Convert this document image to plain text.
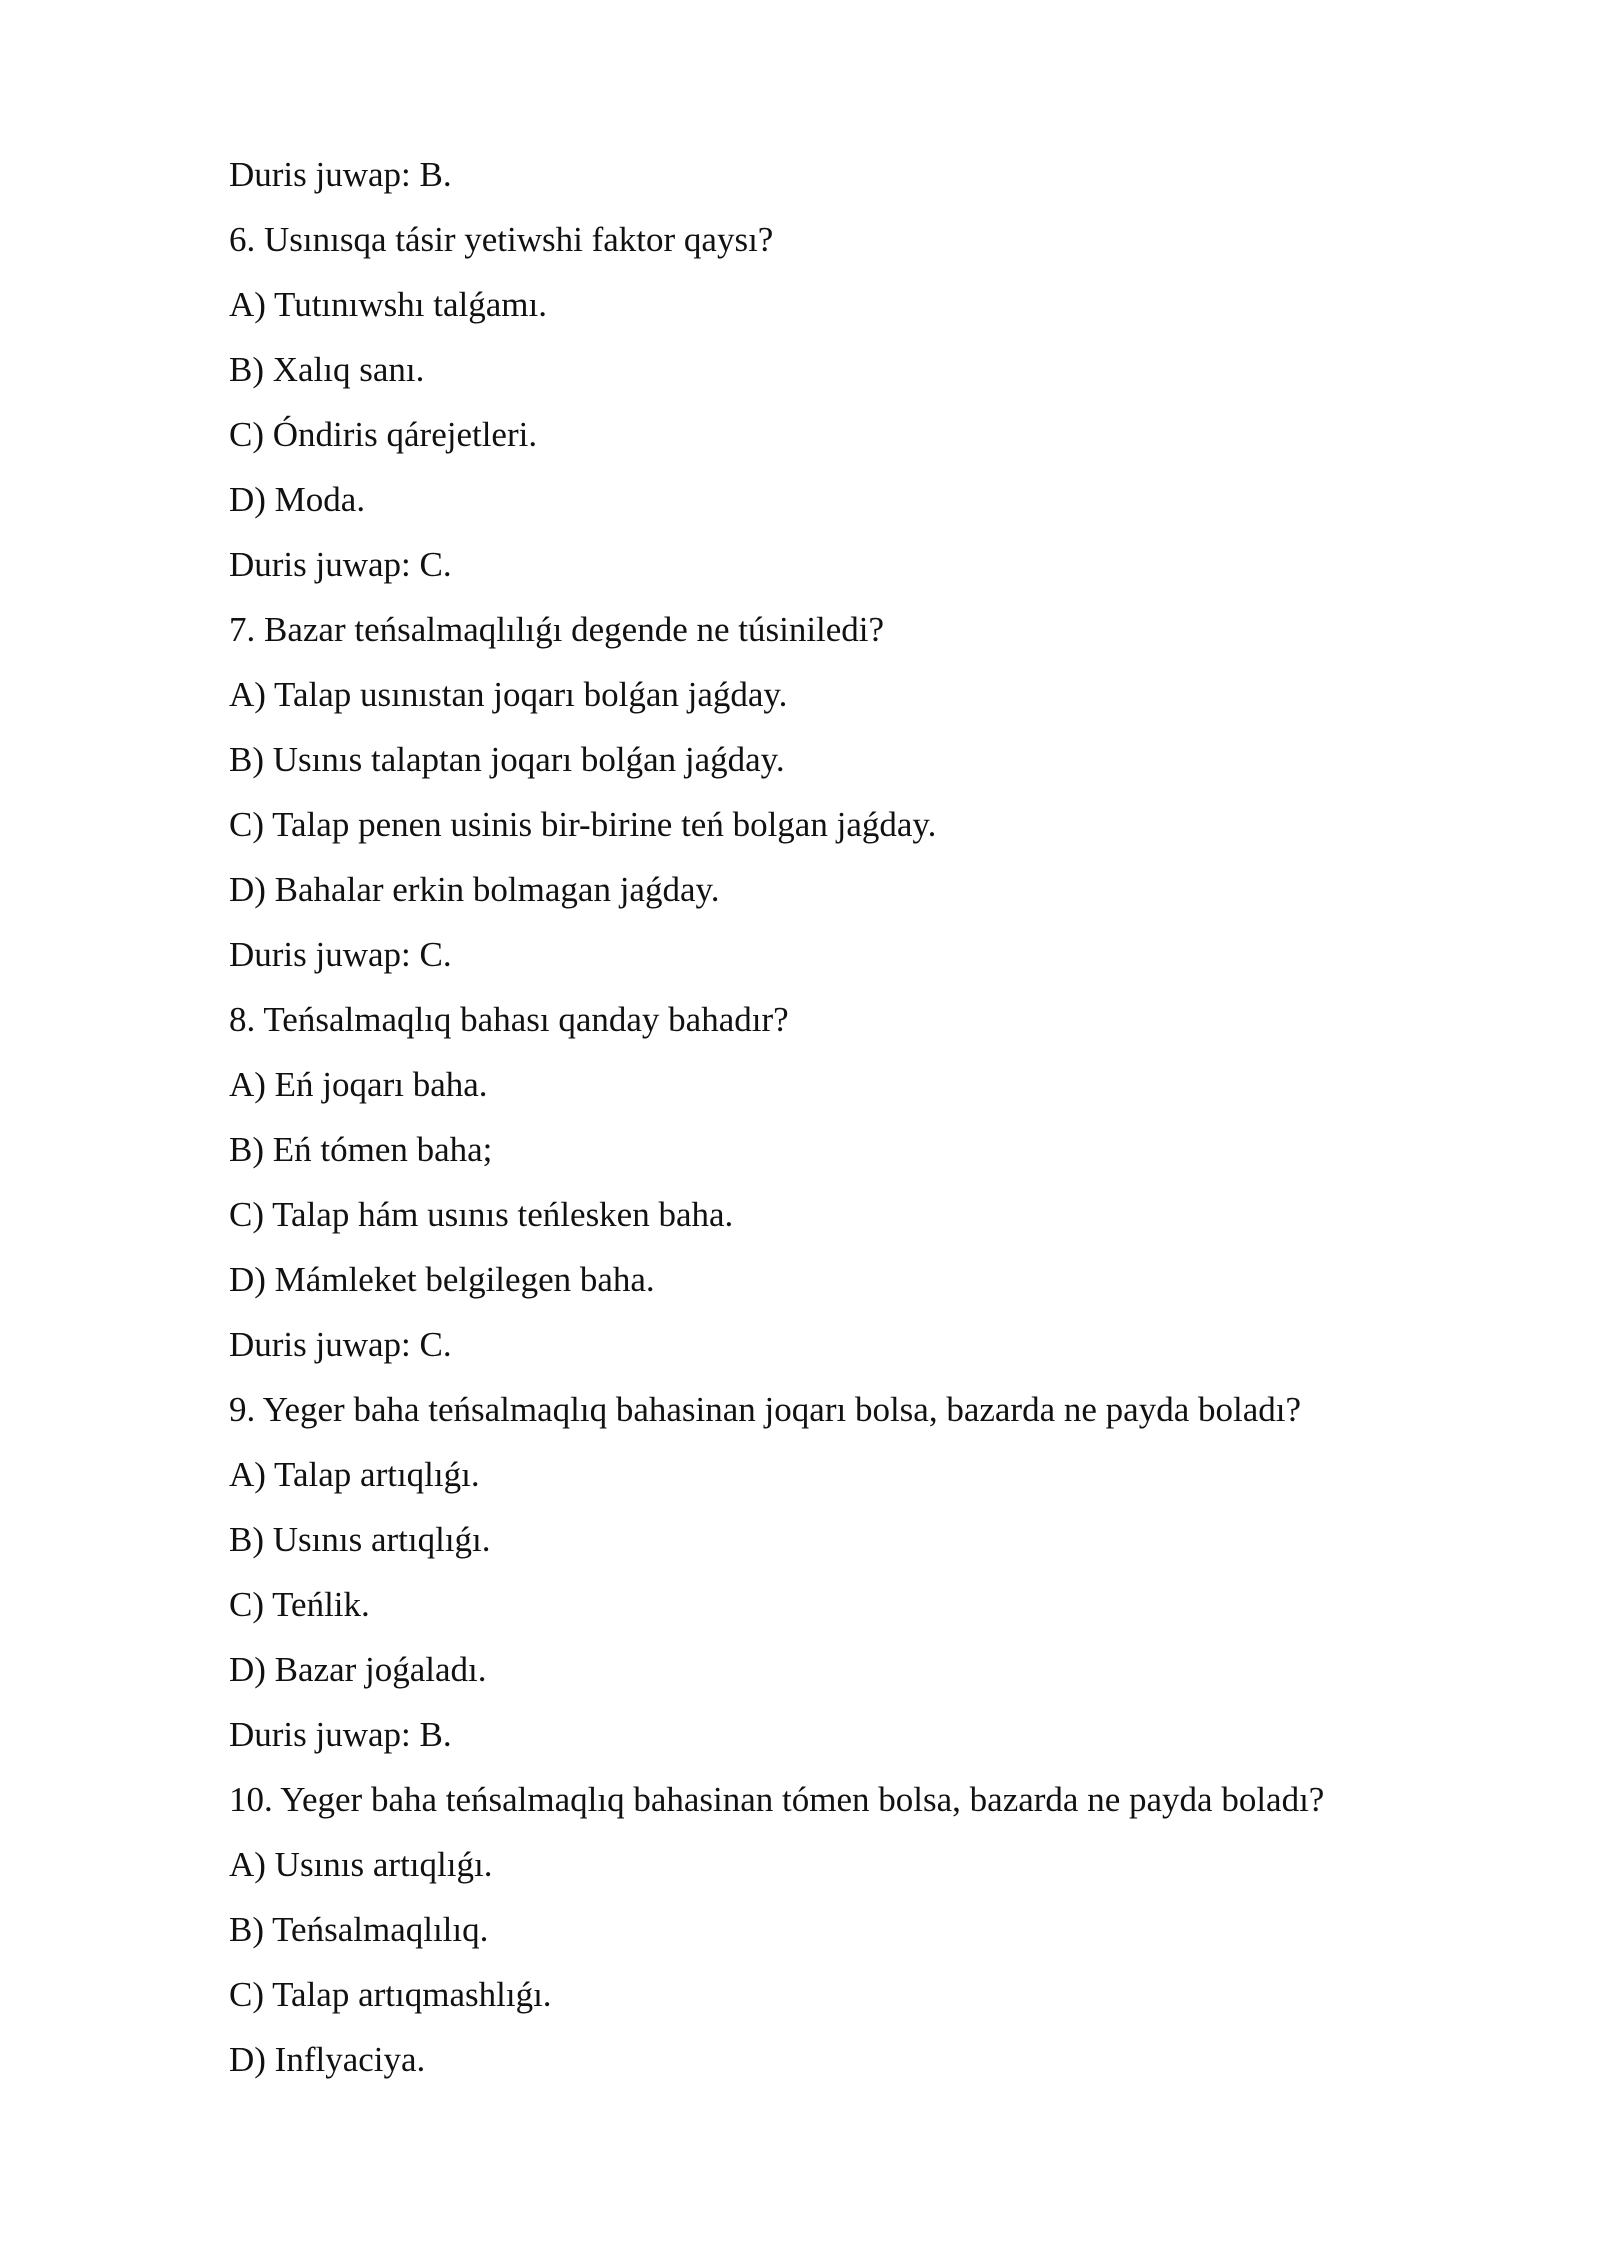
Duris juwap: B.
6. Usınısqa tásir yetiwshi faktor qaysı?
A) Tutınıwshı talǵamı.
B) Xalıq sanı.
C) Óndiris qárejetleri.
D) Moda.
Duris juwap: C.
7. Bazar teńsalmaqlılıǵı degende ne túsiniledi?
A) Talap usınıstan joqarı bolǵan jaǵday.
B) Usınıs talaptan joqarı bolǵan jaǵday.
C) Talap penen usinis bir-birine teń bolgan jaǵday.
D) Bahalar erkin bolmagan jaǵday.
Duris juwap: C.
8. Teńsalmaqlıq bahası qanday bahadır?
A) Eń joqarı baha.
B) Eń tómen baha;
C) Talap hám usınıs teńlesken baha.
D) Mámleket belgilegen baha.
Duris juwap: C.
9. Yeger baha teńsalmaqlıq bahasinan joqarı bolsa, bazarda ne payda boladı?
A) Talap artıqlıǵı.
B) Usınıs artıqlıǵı.
C) Teńlik.
D) Bazar joǵaladı.
Duris juwap: B.
10. Yeger baha teńsalmaqlıq bahasinan tómen bolsa, bazarda ne payda boladı?
A) Usınıs artıqlıǵı.
B) Teńsalmaqlılıq.
C) Talap artıqmashlıǵı.
D) Inflyaciya.
